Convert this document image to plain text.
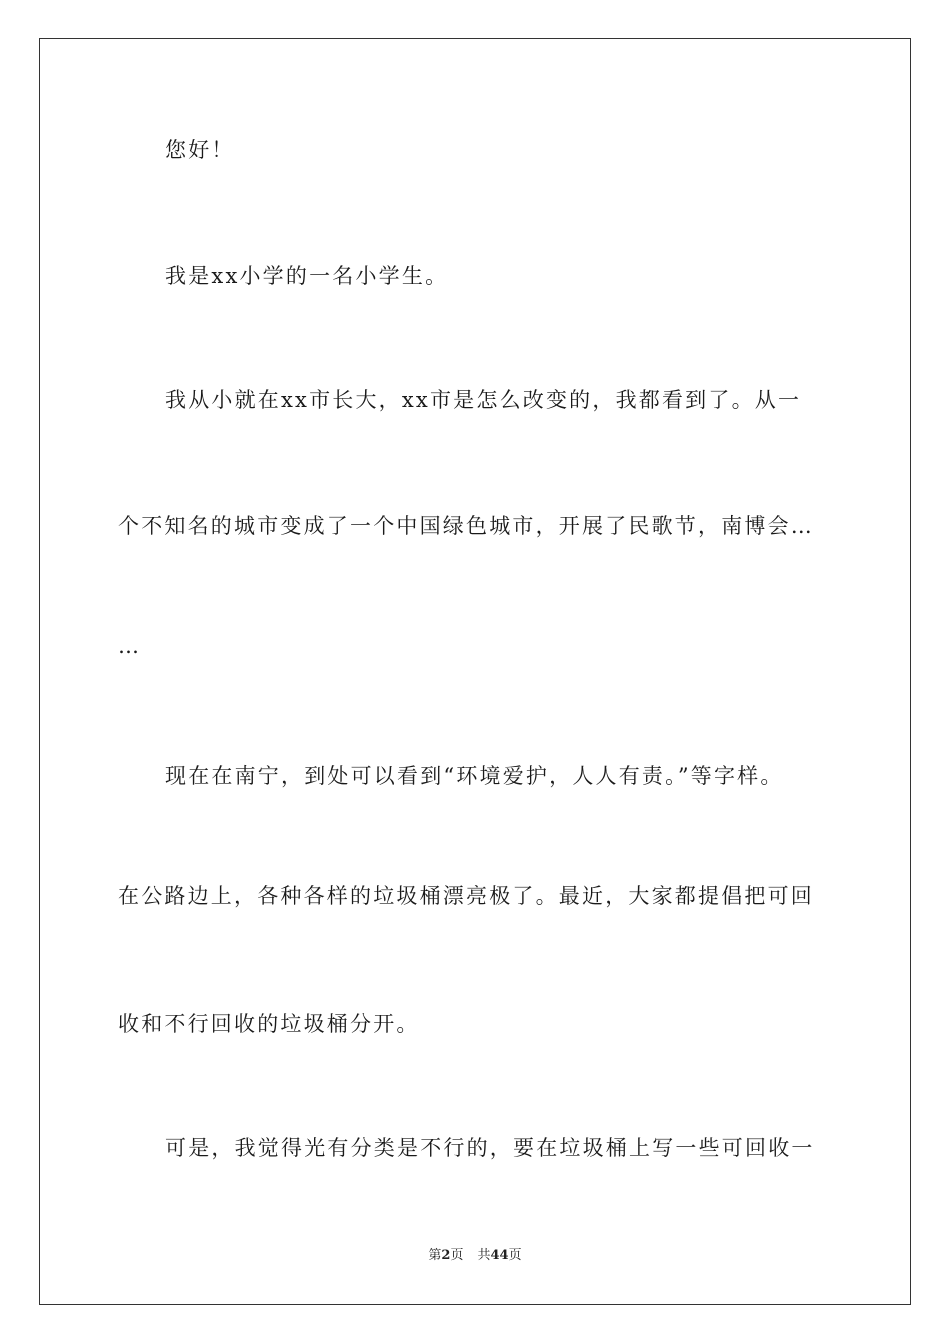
您好！
我是xx小学的一名小学生。
我从小就在xx市长大，xx市是怎么改变的，我都看到了。从一
个不知名的城市变成了一个中国绿色城市，开展了民歌节，南博会…
…
现在在南宁，到处可以看到“环境爱护，人人有责。”等字样。
在公路边上，各种各样的垃圾桶漂亮极了。最近，大家都提倡把可回
收和不行回收的垃圾桶分开。
可是，我觉得光有分类是不行的，要在垃圾桶上写一些可回收一
第2页 共44页
